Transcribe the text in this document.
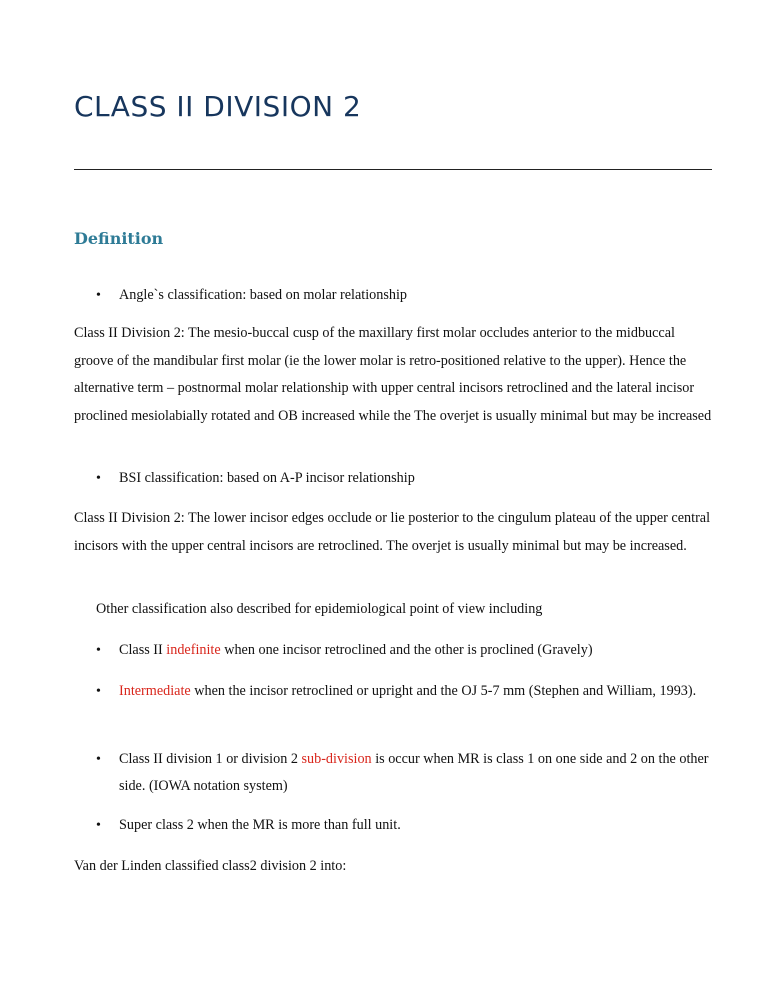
CLASS II DIVISION 2
Definition
• Angle`s classification: based on molar relationship
Class II Division 2: The mesio-buccal cusp of the maxillary first molar occludes anterior to the midbuccal groove of the mandibular first molar (ie the lower molar is retro-positioned relative to the upper). Hence the alternative term – postnormal molar relationship with upper central incisors retroclined and the lateral incisor proclined mesiolabially rotated and OB increased while the The overjet is usually minimal but may be increased
• BSI classification: based on A-P incisor relationship
Class II Division 2: The lower incisor edges occlude or lie posterior to the cingulum plateau of the upper central incisors with the upper central incisors are retroclined. The overjet is usually minimal but may be increased.
Other classification also described for epidemiological point of view including
• Class II indefinite when one incisor retroclined and the other is proclined (Gravely)
• Intermediate when the incisor retroclined or upright and the OJ 5-7 mm (Stephen and William, 1993).
• Class II division 1 or division 2 sub-division is occur when MR is class 1 on one side and 2 on the other side. (IOWA notation system)
• Super class 2 when the MR is more than full unit.
Van der Linden classified class2 division 2 into:
